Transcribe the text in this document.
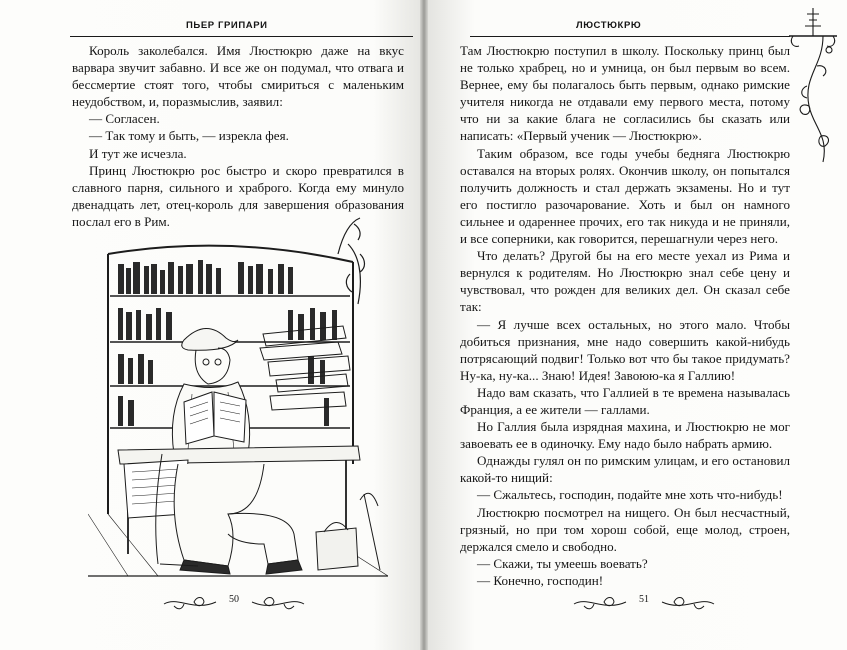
ПЬЕР ГРИПАРИ

Король заколебался. Имя Люстюкрю даже на вкус варвара звучит забавно. И все же он подумал, что отвага и бессмертие стоят того, чтобы смириться с маленьким неудобством, и, поразмыслив, заявил:

— Согласен.

— Так тому и быть, — изрекла фея.

И тут же исчезла.

Принц Люстюкрю рос быстро и скоро превратился в славного парня, сильного и храброго. Когда ему минуло двенадцать лет, отец-король для завершения образования послал его в Рим.

50
ЛЮСТЮКРЮ

Там Люстюкрю поступил в школу. Поскольку принц был не только храбрец, но и умница, он был первым во всем. Вернее, ему бы полагалось быть первым, однако римские учителя никогда не отдавали ему первого места, потому что ни за какие блага не согласились бы сказать или написать: «Первый ученик — Люстюкрю».

Таким образом, все годы учебы бедняга Люстюкрю оставался на вторых ролях. Окончив школу, он попытался получить должность и стал держать экзамены. Но и тут его постигло разочарование. Хоть и был он намного сильнее и одареннее прочих, его так никуда и не приняли, и все соперники, как говорится, перешагнули через него.

Что делать? Другой бы на его месте уехал из Рима и вернулся к родителям. Но Люстюкрю знал себе цену и чувствовал, что рожден для великих дел. Он сказал себе так:

— Я лучше всех остальных, но этого мало. Чтобы добиться признания, мне надо совершить какой-нибудь потрясающий подвиг! Только вот что бы такое придумать? Ну-ка, ну-ка... Знаю! Идея! Завоюю-ка я Галлию!

Надо вам сказать, что Галлией в те времена называлась Франция, а ее жители — галлами.

Но Галлия была изрядная махина, и Люстюкрю не мог завоевать ее в одиночку. Ему надо было набрать армию.

Однажды гулял он по римским улицам, и его остановил какой-то нищий:

— Сжальтесь, господин, подайте мне хоть что-нибудь!

Люстюкрю посмотрел на нищего. Он был несчастный, грязный, но при том хорош собой, еще молод, строен, держался смело и свободно.

— Скажи, ты умеешь воевать?

— Конечно, господин!

51
